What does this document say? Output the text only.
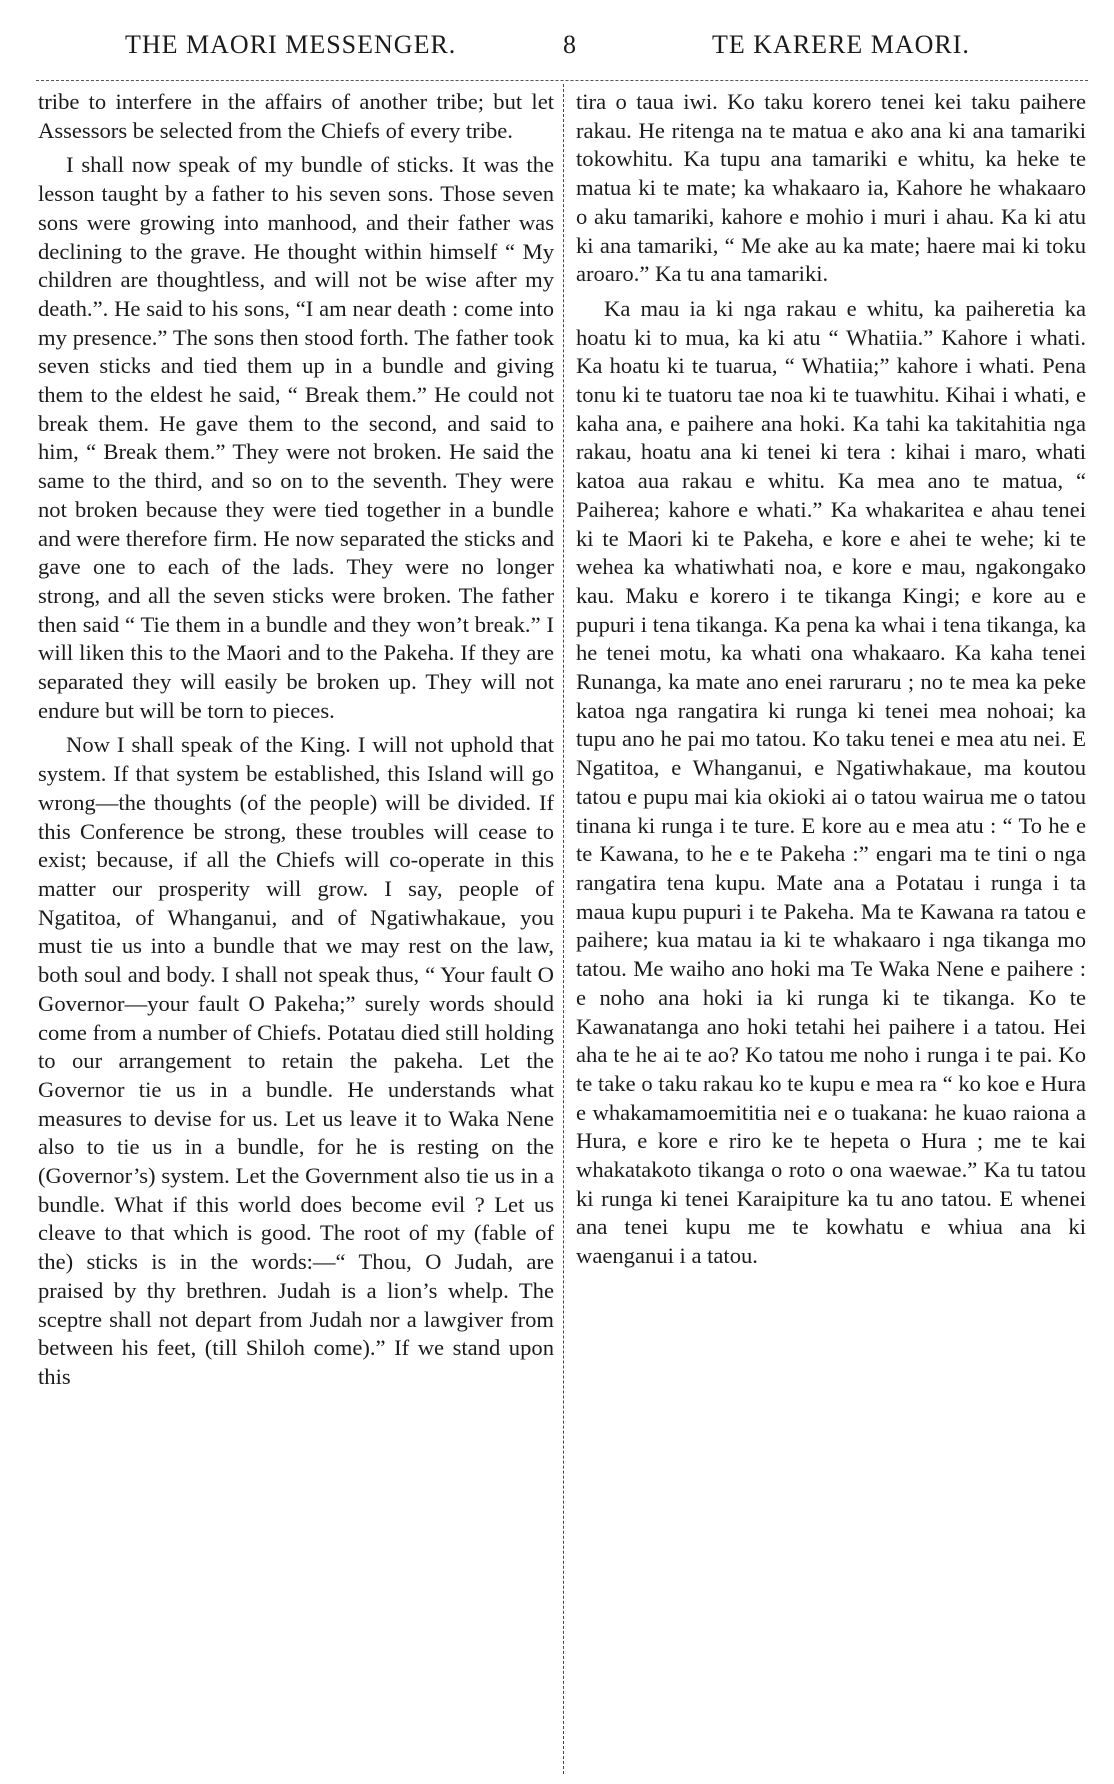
THE MAORI MESSENGER.	8	TE KARERE MAORI.

tribe to interfere in the affairs of another tribe; but let Assessors be selected from the Chiefs of every tribe.

I shall now speak of my bundle of sticks. It was the lesson taught by a father to his seven sons. Those seven sons were growing into manhood, and their father was declining to the grave. He thought within himself “ My children are thoughtless, and will not be wise after my death.”. He said to his sons, “I am near death : come into my presence.” The sons then stood forth. The father took seven sticks and tied them up in a bundle and giving them to the eldest he said, “ Break them.” He could not break them. He gave them to the second, and said to him, “ Break them.” They were not broken. He said the same to the third, and so on to the seventh. They were not broken because they were tied together in a bundle and were therefore firm. He now separated the sticks and gave one to each of the lads. They were no longer strong, and all the seven sticks were broken. The father then said “ Tie them in a bundle and they won’t break.” I will liken this to the Maori and to the Pakeha. If they are separated they will easily be broken up. They will not endure but will be torn to pieces.

Now I shall speak of the King. I will not uphold that system. If that system be established, this Island will go wrong—the thoughts (of the people) will be divided. If this Conference be strong, these troubles will cease to exist; because, if all the Chiefs will co-operate in this matter our prosperity will grow. I say, people of Ngatitoa, of Whanganui, and of Ngatiwhakaue, you must tie us into a bundle that we may rest on the law, both soul and body. I shall not speak thus, “ Your fault O Governor—your fault O Pakeha;” surely words should come from a number of Chiefs. Potatau died still holding to our arrangement to retain the pakeha. Let the Governor tie us in a bundle. He understands what measures to devise for us. Let us leave it to Waka Nene also to tie us in a bundle, for he is resting on the (Governor’s) system. Let the Government also tie us in a bundle. What if this world does become evil ? Let us cleave to that which is good. The root of my (fable of the) sticks is in the words:—“ Thou, O Judah, are praised by thy brethren. Judah is a lion’s whelp. The sceptre shall not depart from Judah nor a lawgiver from between his feet, (till Shiloh come).” If we stand upon this

tira o taua iwi. Ko taku korero tenei kei taku paihere rakau. He ritenga na te matua e ako ana ki ana tamariki tokowhitu. Ka tupu ana tamariki e whitu, ka heke te matua ki te mate; ka whakaaro ia, Kahore he whakaaro o aku tamariki, kahore e mohio i muri i ahau. Ka ki atu ki ana tamariki, “ Me ake au ka mate; haere mai ki toku aroaro.” Ka tu ana tamariki.

Ka mau ia ki nga rakau e whitu, ka paiheretia ka hoatu ki to mua, ka ki atu “ Whatiia.” Kahore i whati. Ka hoatu ki te tuarua, “ Whatiia;” kahore i whati. Pena tonu ki te tuatoru tae noa ki te tuawhitu. Kihai i whati, e kaha ana, e paihere ana hoki. Ka tahi ka takitahitia nga rakau, hoatu ana ki tenei ki tera : kihai i maro, whati katoa aua rakau e whitu. Ka mea ano te matua, “ Paiherea; kahore e whati.” Ka whakaritea e ahau tenei ki te Maori ki te Pakeha, e kore e ahei te wehe; ki te wehea ka whatiwhati noa, e kore e mau, ngakongako kau. Maku e korero i te tikanga Kingi; e kore au e pupuri i tena tikanga. Ka pena ka whai i tena tikanga, ka he tenei motu, ka whati ona whakaaro. Ka kaha tenei Runanga, ka mate ano enei raruraru ; no te mea ka peke katoa nga rangatira ki runga ki tenei mea nohoai; ka tupu ano he pai mo tatou. Ko taku tenei e mea atu nei. E Ngatitoa, e Whanganui, e Ngatiwhakaue, ma koutou tatou e pupu mai kia okioki ai o tatou wairua me o tatou tinana ki runga i te ture. E kore au e mea atu : “ To he e te Kawana, to he e te Pakeha :” engari ma te tini o nga rangatira tena kupu. Mate ana a Potatau i runga i ta maua kupu pupuri i te Pakeha. Ma te Kawana ra tatou e paihere; kua matau ia ki te whakaaro i nga tikanga mo tatou. Me waiho ano hoki ma Te Waka Nene e paihere : e noho ana hoki ia ki runga ki te tikanga. Ko te Kawanatanga ano hoki tetahi hei paihere i a tatou. Hei aha te he ai te ao? Ko tatou me noho i runga i te pai. Ko te take o taku rakau ko te kupu e mea ra “ ko koe e Hura e whakamamoemititia nei e o tuakana: he kuao raiona a Hura, e kore e riro ke te hepeta o Hura ; me te kai whakatakoto tikanga o roto o ona waewae.” Ka tu tatou ki runga ki tenei Karaipiture ka tu ano tatou. E whenei ana tenei kupu me te kowhatu e whiua ana ki waenganui i a tatou.
